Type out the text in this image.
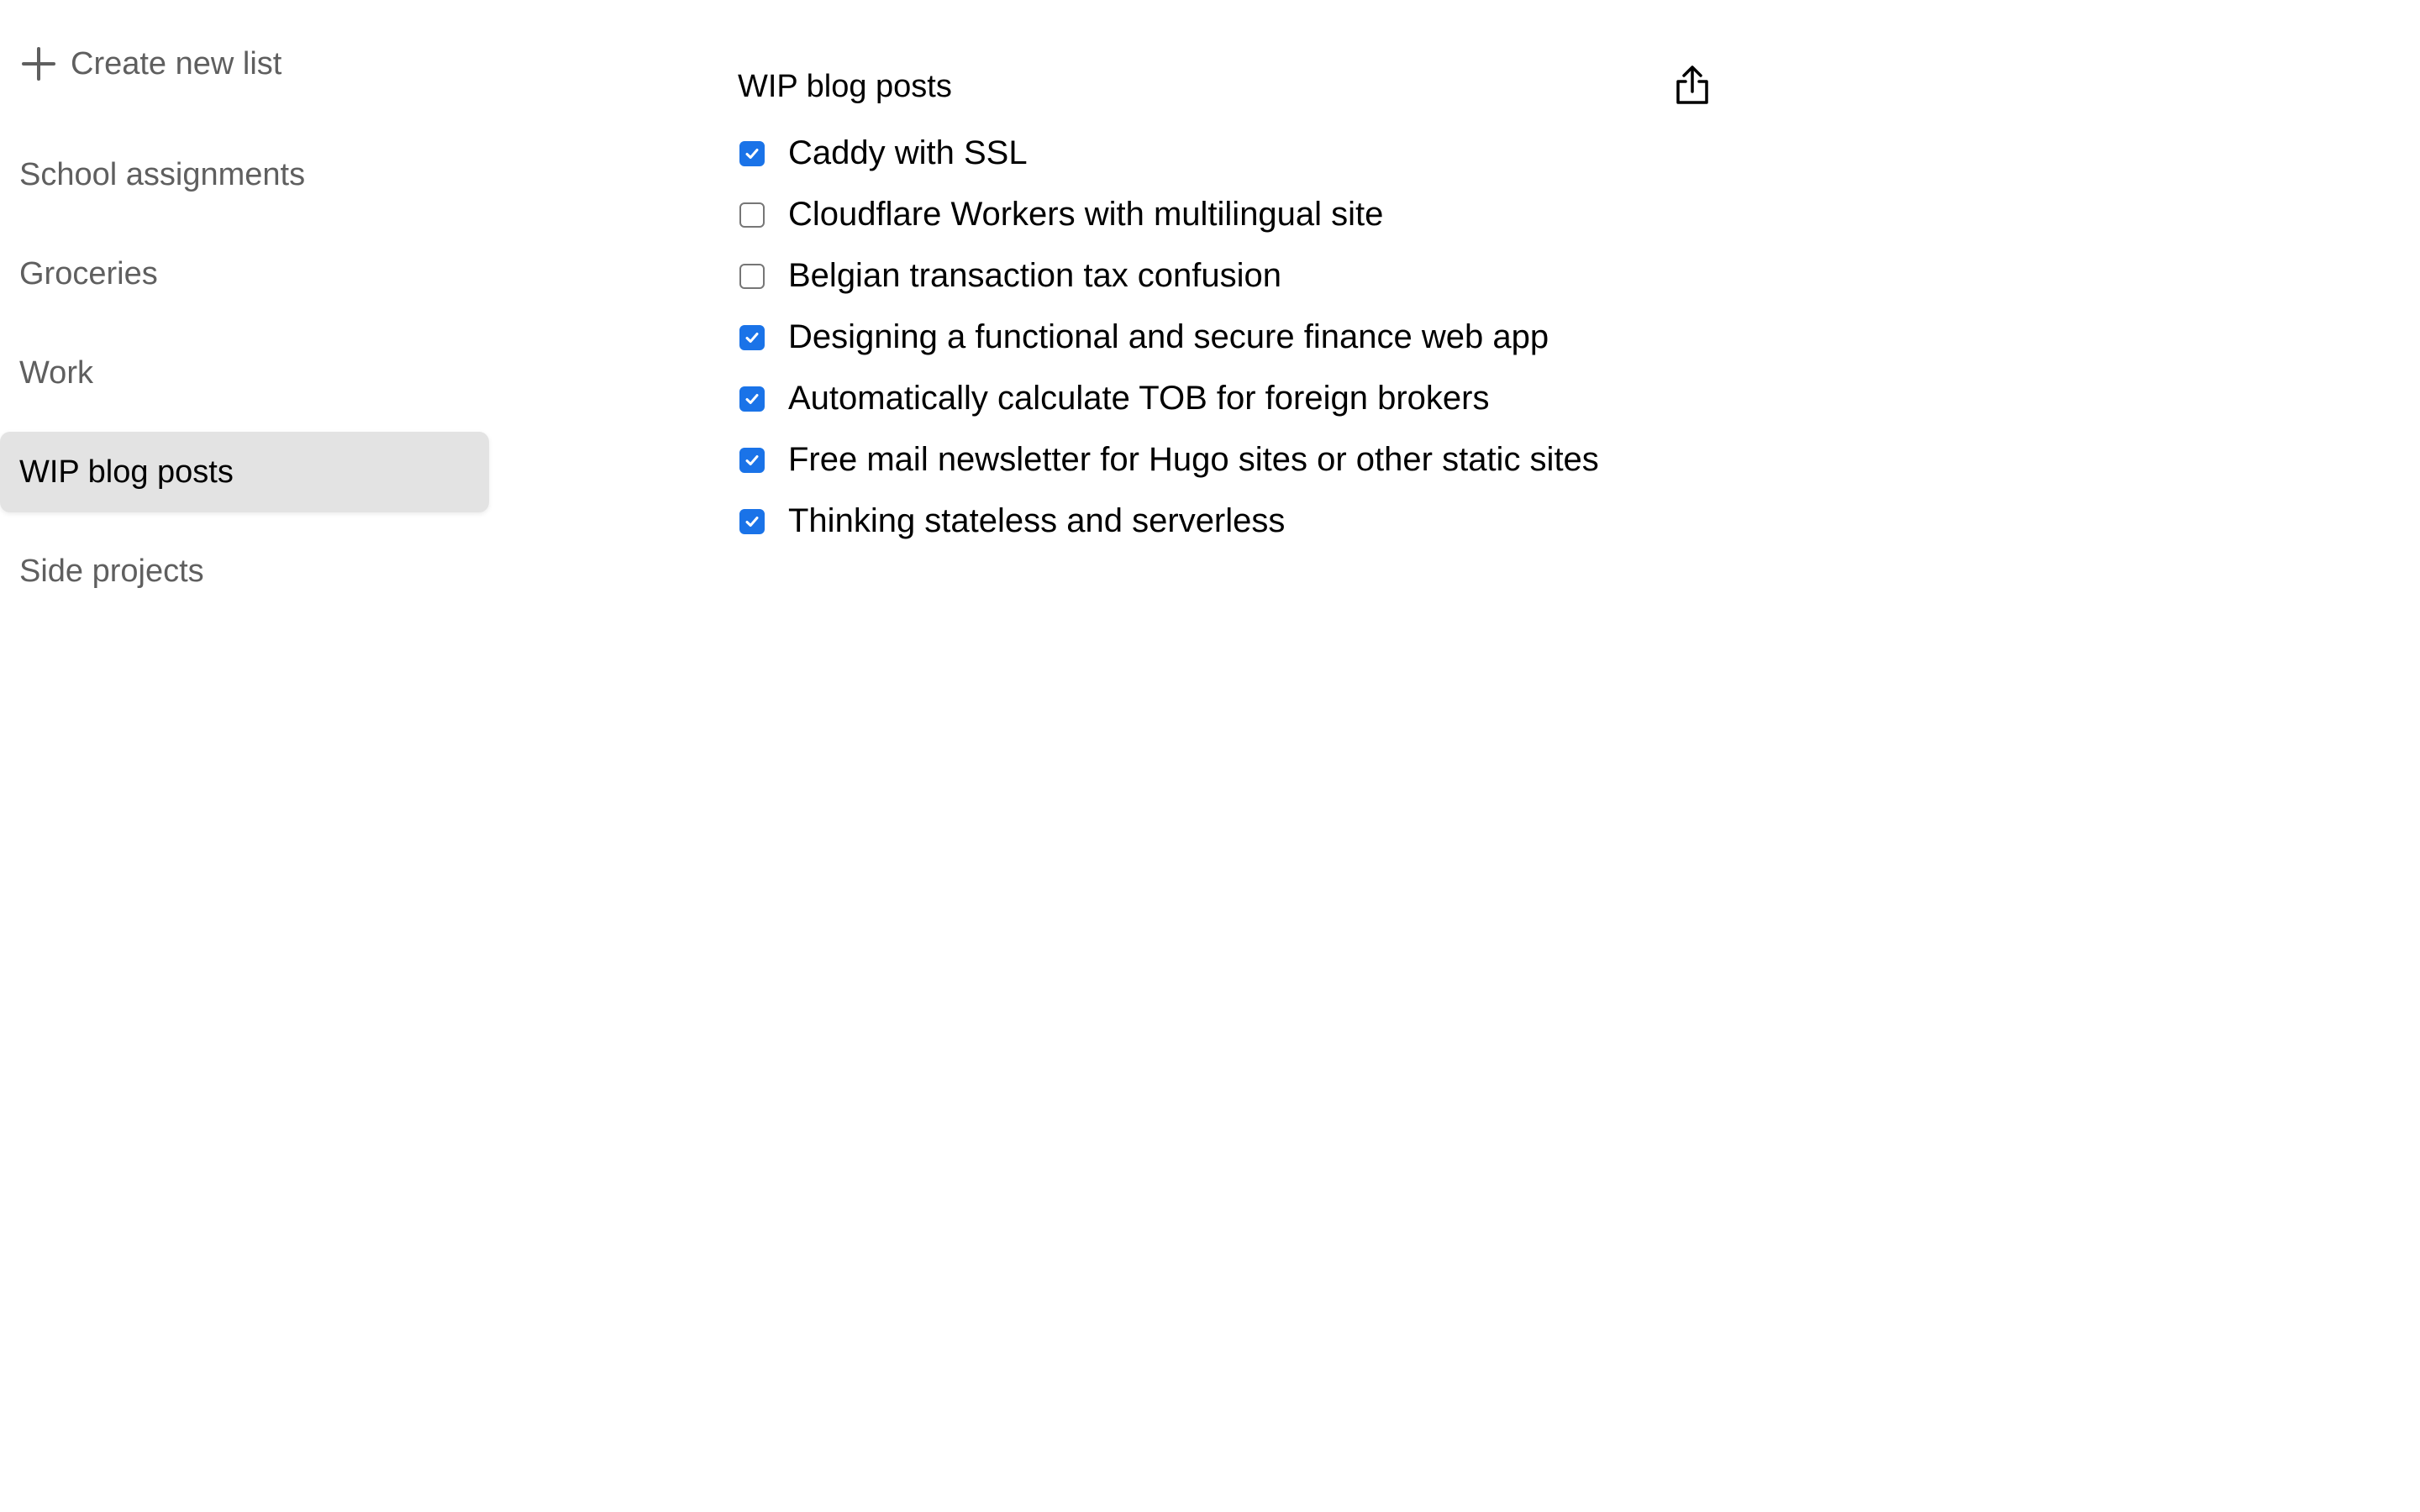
Create new list
School assignments
Groceries
Work
WIP blog posts
Side projects
WIP blog posts
Caddy with SSL
Cloudflare Workers with multilingual site
Belgian transaction tax confusion
Designing a functional and secure finance web app
Automatically calculate TOB for foreign brokers
Free mail newsletter for Hugo sites or other static sites
Thinking stateless and serverless
